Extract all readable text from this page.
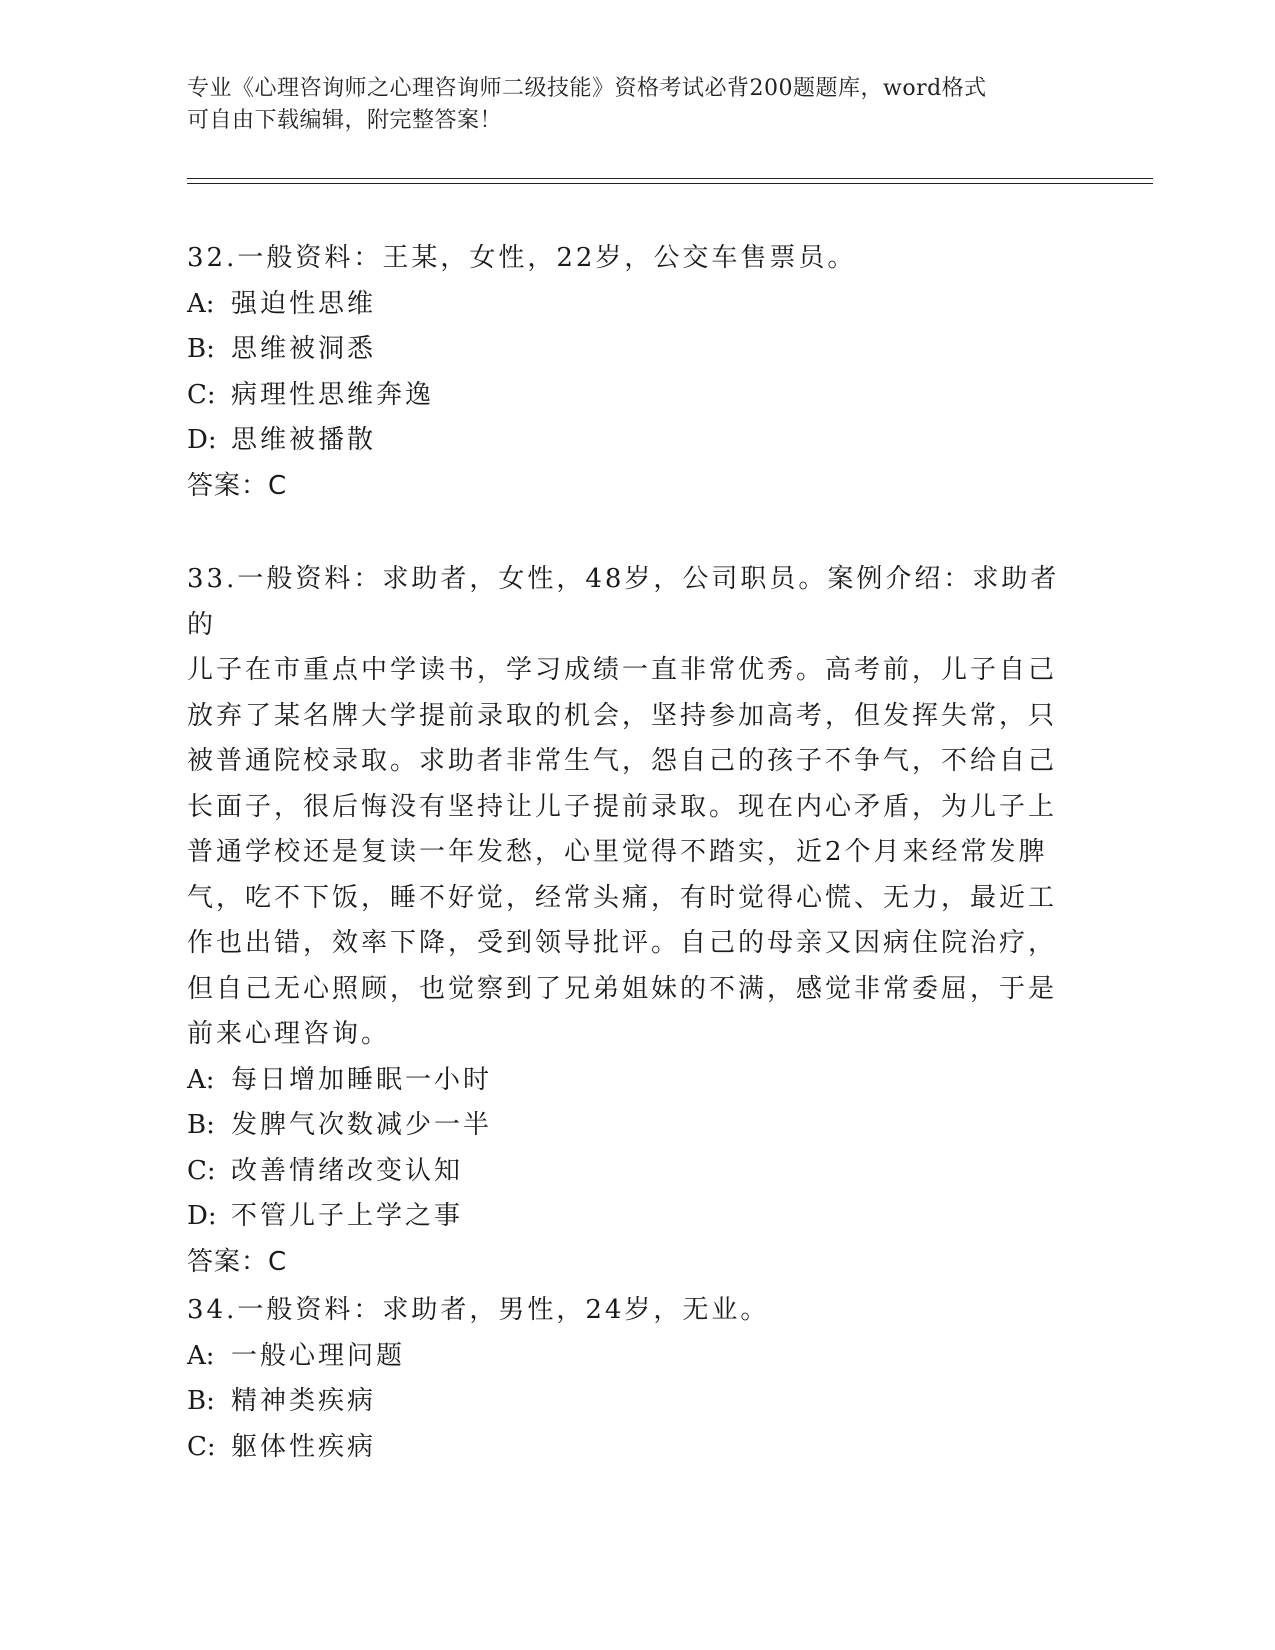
专业《心理咨询师之心理咨询师二级技能》资格考试必背200题题库，word格式
可自由下载编辑，附完整答案！

32.一般资料：王某，女性，22岁，公交车售票员。

A: 强迫性思维

B: 思维被洞悉

C: 病理性思维奔逸

D: 思维被播散

答案：C

33.一般资料：求助者，女性，48岁，公司职员。案例介绍：求助者的

儿子在市重点中学读书，学习成绩一直非常优秀。高考前，儿子自己

放弃了某名牌大学提前录取的机会，坚持参加高考，但发挥失常，只

被普通院校录取。求助者非常生气，怨自己的孩子不争气，不给自己

长面子，很后悔没有坚持让儿子提前录取。现在内心矛盾，为儿子上

普通学校还是复读一年发愁，心里觉得不踏实，近2个月来经常发脾

气，吃不下饭，睡不好觉，经常头痛，有时觉得心慌、无力，最近工

作也出错，效率下降，受到领导批评。自己的母亲又因病住院治疗，

但自己无心照顾，也觉察到了兄弟姐妹的不满，感觉非常委屈，于是

前来心理咨询。

A: 每日增加睡眠一小时

B: 发脾气次数减少一半

C: 改善情绪改变认知

D: 不管儿子上学之事

答案：C

34.一般资料：求助者，男性，24岁，无业。

A: 一般心理问题

B: 精神类疾病

C: 躯体性疾病
